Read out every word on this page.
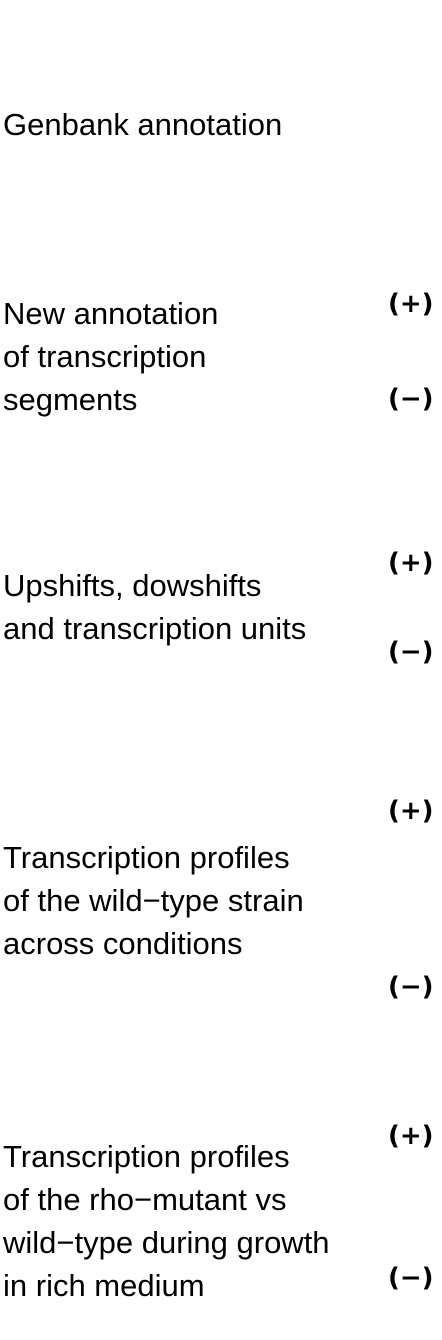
Genbank annotation
New annotation
of transcription
segments
(+)
(−)
Upshifts, dowshifts
and transcription units
(+)
(−)
Transcription profiles
of the wild−type strain
across conditions
(+)
(−)
Transcription profiles
of the rho−mutant vs
wild−type during growth
in rich medium
(+)
(−)
